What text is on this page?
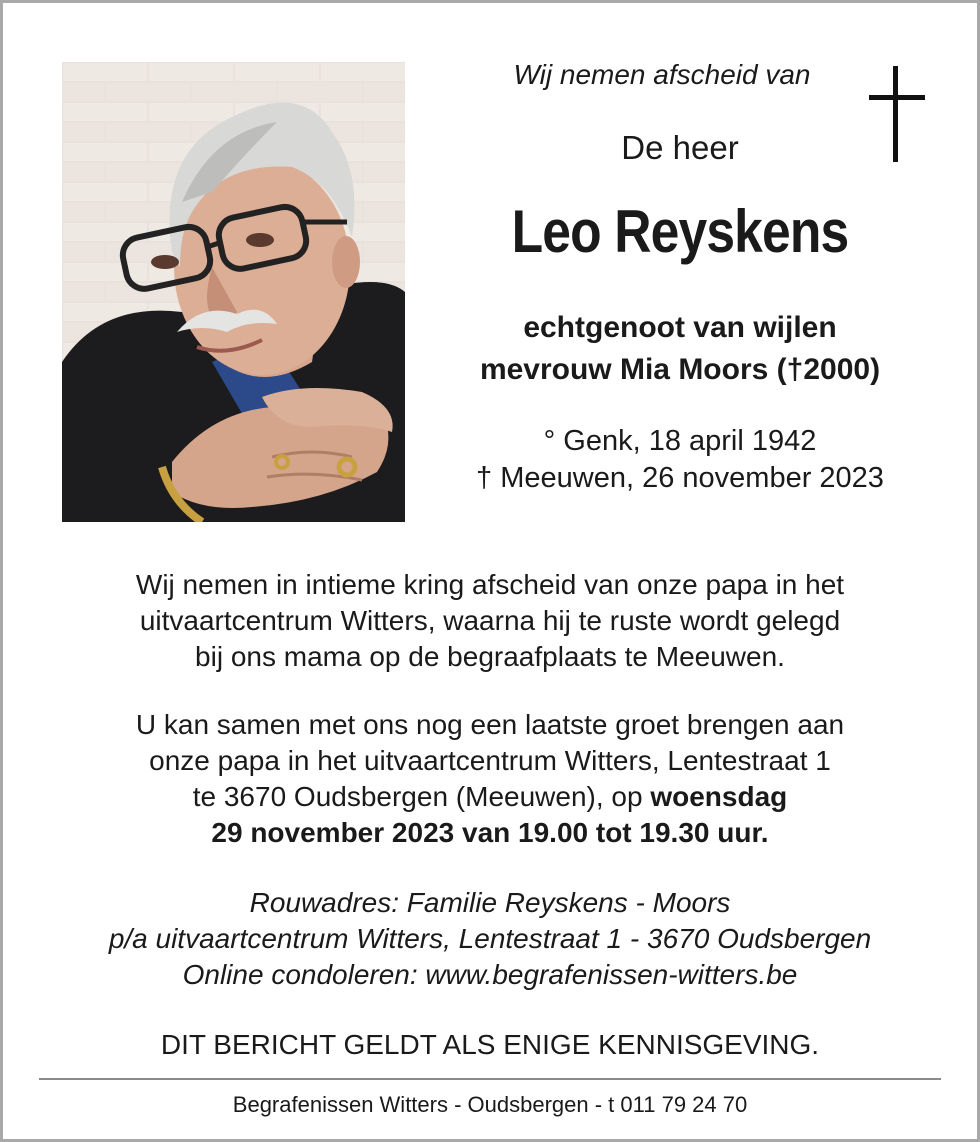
Wij nemen afscheid van
De heer
Leo Reyskens
echtgenoot van wijlen
mevrouw Mia Moors (†2000)
° Genk, 18 april 1942
† Meeuwen, 26 november 2023
Wij nemen in intieme kring afscheid van onze papa in het
uitvaartcentrum Witters, waarna hij te ruste wordt gelegd
bij ons mama op de begraafplaats te Meeuwen.
U kan samen met ons nog een laatste groet brengen aan
onze papa in het uitvaartcentrum Witters, Lentestraat 1
te 3670 Oudsbergen (Meeuwen), op woensdag
29 november 2023 van 19.00 tot 19.30 uur.
Rouwadres: Familie Reyskens - Moors
p/a uitvaartcentrum Witters, Lentestraat 1 - 3670 Oudsbergen
Online condoleren: www.begrafenissen-witters.be
DIT BERICHT GELDT ALS ENIGE KENNISGEVING.
Begrafenissen Witters - Oudsbergen - t 011 79 24 70
